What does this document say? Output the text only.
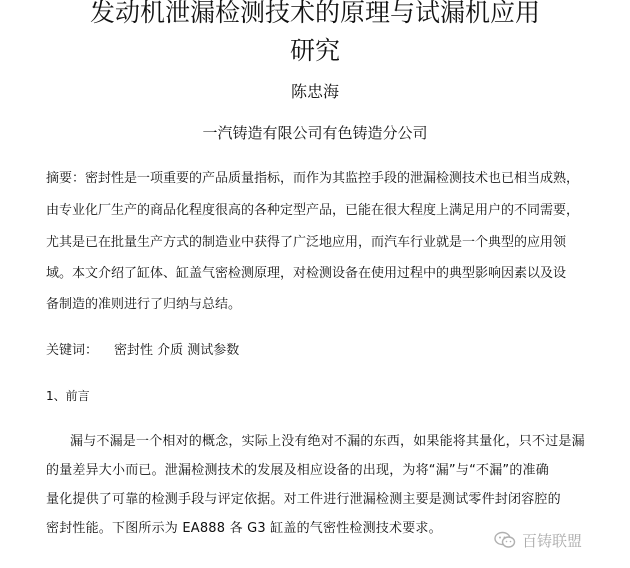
发动机泄漏检测技术的原理与试漏机应用
研究
陈忠海
一汽铸造有限公司有色铸造分公司
摘要：密封性是一项重要的产品质量指标，而作为其监控手段的泄漏检测技术也已相当成熟，
由专业化厂生产的商品化程度很高的各种定型产品，已能在很大程度上满足用户的不同需要，
尤其是已在批量生产方式的制造业中获得了广泛地应用，而汽车行业就是一个典型的应用领
域。本文介绍了缸体、缸盖气密检测原理，对检测设备在使用过程中的典型影响因素以及设
备制造的准则进行了归纳与总结。
关键词： 密封性 介质 测试参数
1、前言
漏与不漏是一个相对的概念，实际上没有绝对不漏的东西，如果能将其量化，只不过是漏
的量差异大小而已。泄漏检测技术的发展及相应设备的出现，为将“漏”与“不漏”的准确
量化提供了可靠的检测手段与评定依据。对工件进行泄漏检测主要是测试零件封闭容腔的
密封性能。下图所示为 EA888 各 G3 缸盖的气密性检测技术要求。
百铸联盟
